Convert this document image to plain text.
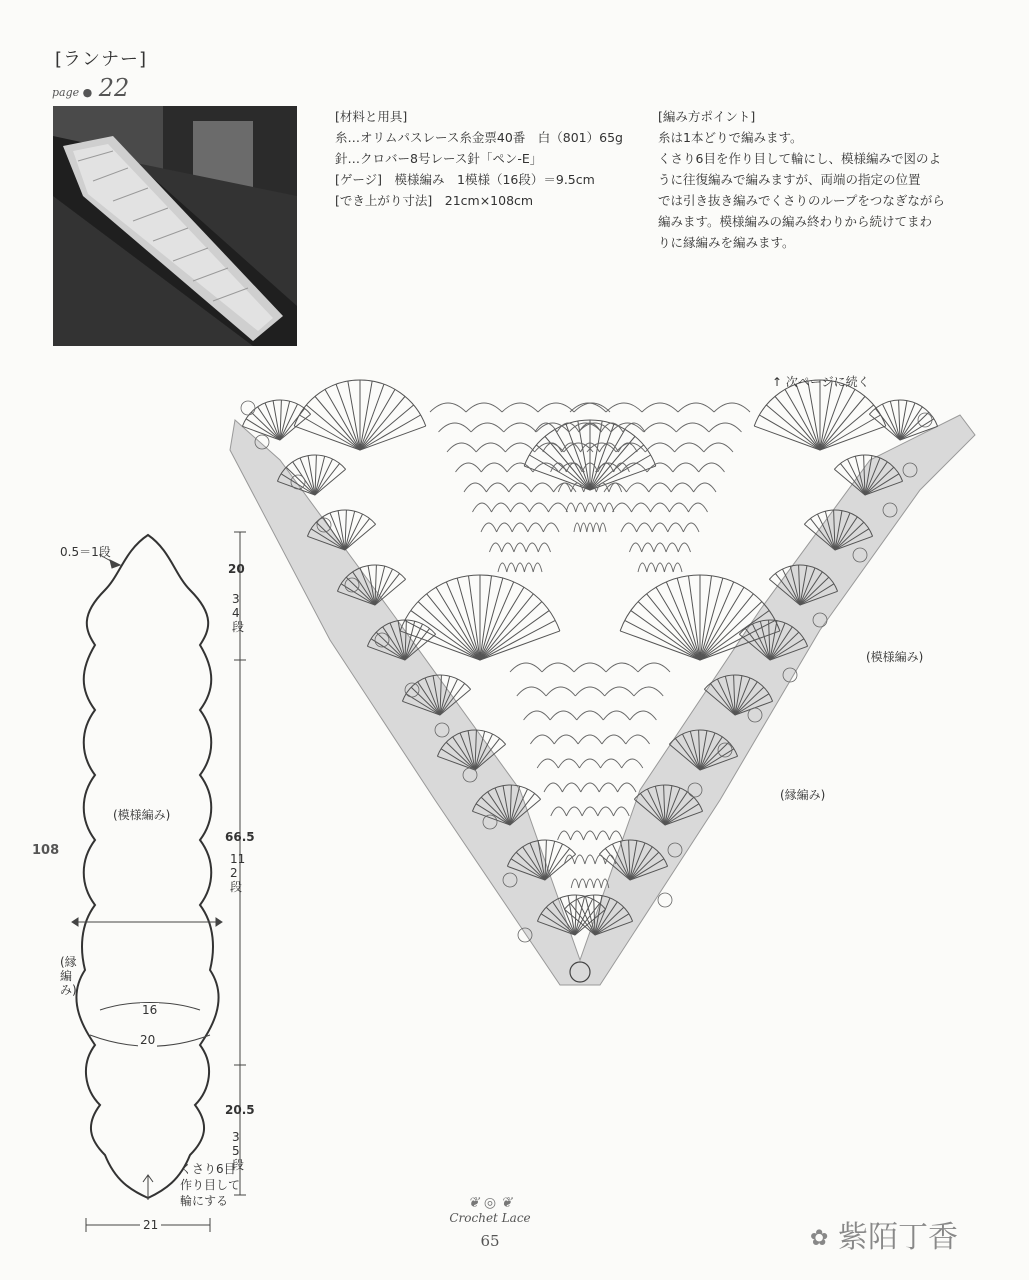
[ランナー]
page ● 22
[材料と用具]
糸…オリムパスレース糸金票40番　白（801）65g
針…クロバー8号レース針「ペン-E」
[ゲージ]　模様編み　1模様（16段）＝9.5cm
[でき上がり寸法]　21cm×108cm
[編み方ポイント]
糸は1本どりで編みます。
くさり6目を作り目して輪にし、模様編みで図のよ
うに往復編みで編みますが、両端の指定の位置
では引き抜き編みでくさりのループをつなぎながら
編みます。模様編みの編み終わりから続けてまわ
りに縁編みを編みます。
0.5＝1段
20
34段
66.5
112段
20.5
35段
(模様編み)
(縁編み)
16
20
21
くさり6目
作り目して
輪にする
↑ 次ページに続く
(模様編み)
(縁編み)
108
❦ ◎ ❦
Crochet Lace
65	✿ 紫陌丁香
